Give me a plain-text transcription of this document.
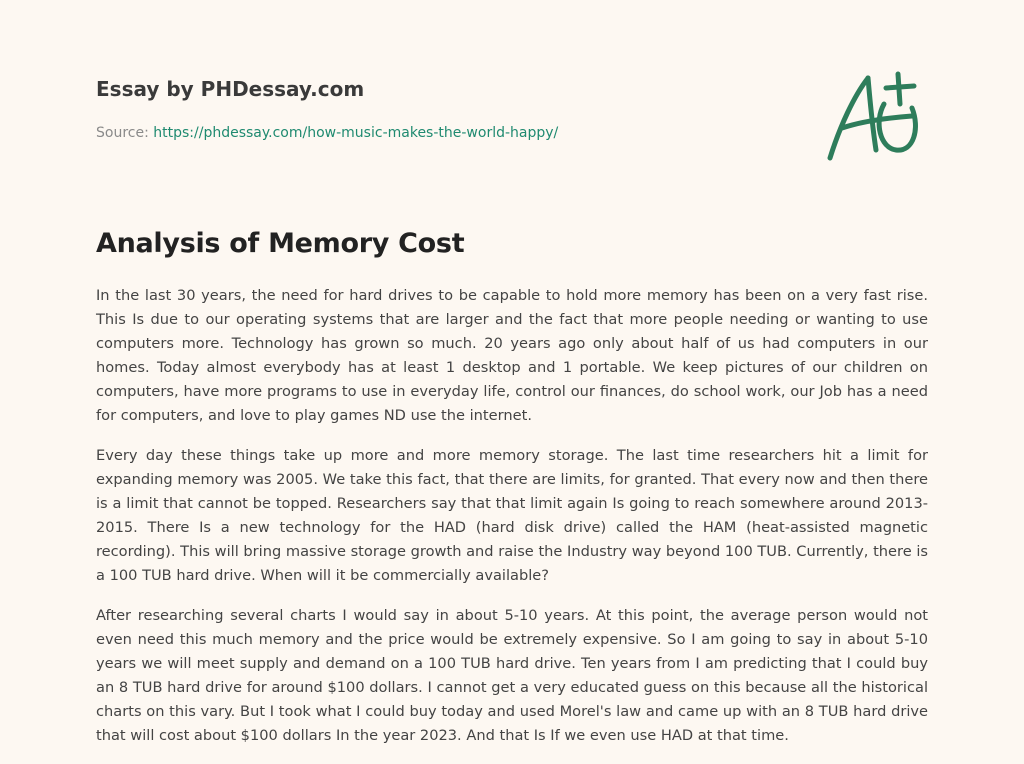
Essay by PHDessay.com
Source: https://phdessay.com/how-music-makes-the-world-happy/
Analysis of Memory Cost

In the last 30 years, the need for hard drives to be capable to hold more memory has been on a very fast rise. This Is due to our operating systems that are larger and the fact that more people needing or wanting to use computers more. Technology has grown so much. 20 years ago only about half of us had computers in our homes. Today almost everybody has at least 1 desktop and 1 portable. We keep pictures of our children on computers, have more programs to use in everyday life, control our finances, do school work, our Job has a need for computers, and love to play games ND use the internet.

Every day these things take up more and more memory storage. The last time researchers hit a limit for expanding memory was 2005. We take this fact, that there are limits, for granted. That every now and then there is a limit that cannot be topped. Researchers say that that limit again Is going to reach somewhere around 2013-2015. There Is a new technology for the HAD (hard disk drive) called the HAM (heat-assisted magnetic recording). This will bring massive storage growth and raise the Industry way beyond 100 TUB. Currently, there is a 100 TUB hard drive. When will it be commercially available?

After researching several charts I would say in about 5-10 years. At this point, the average person would not even need this much memory and the price would be extremely expensive. So I am going to say in about 5-10 years we will meet supply and demand on a 100 TUB hard drive. Ten years from I am predicting that I could buy an 8 TUB hard drive for around $100 dollars. I cannot get a very educated guess on this because all the historical charts on this vary. But I took what I could buy today and used Morel's law and came up with an 8 TUB hard drive that will cost about $100 dollars In the year 2023. And that Is If we even use HAD at that time.
